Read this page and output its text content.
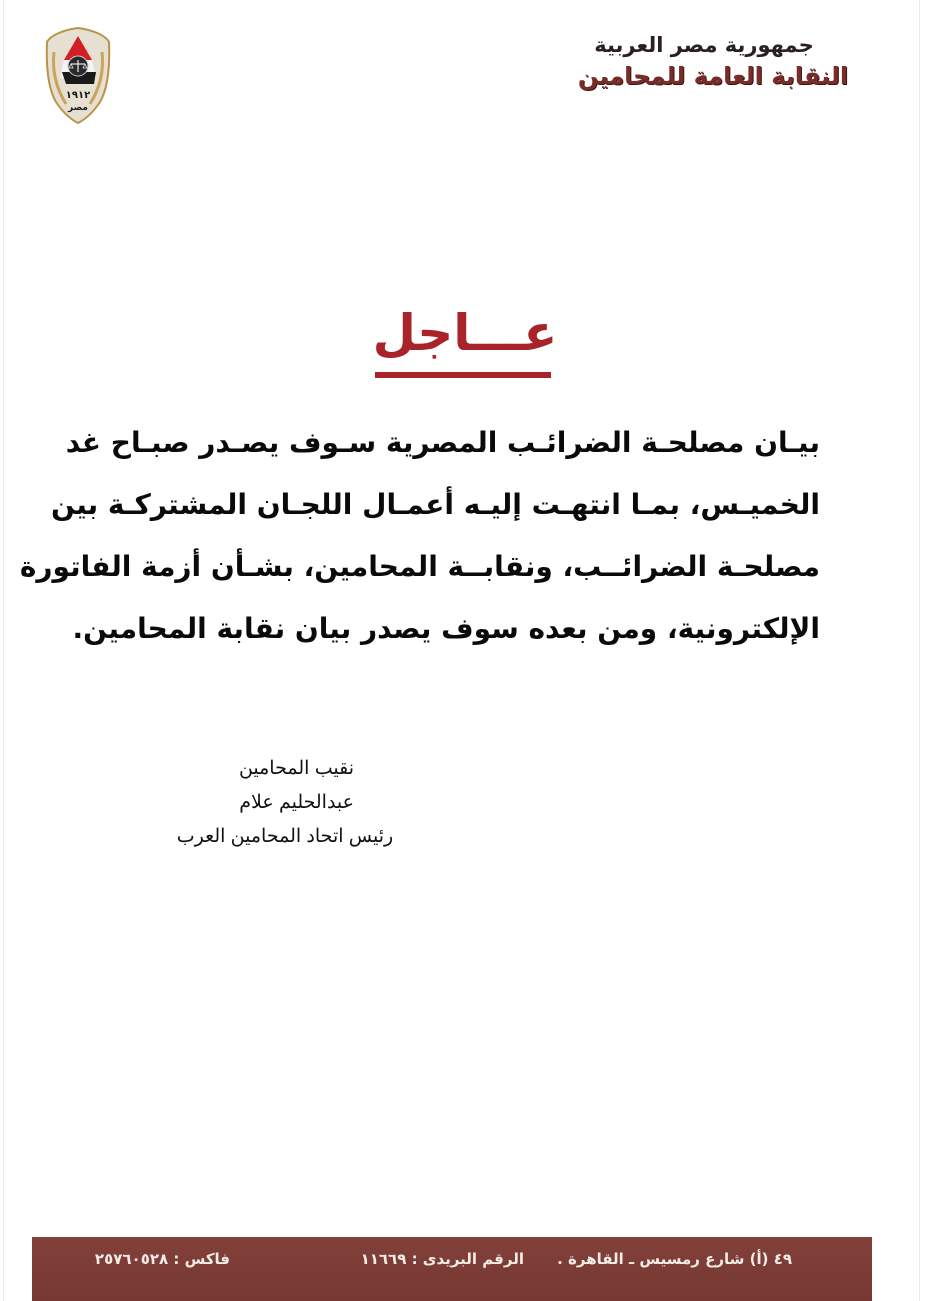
١٩١٢
مصر
جمهورية مصر العربية
النقابة العامة للمحامين
عـــاجل
بيـان مصلحـة الضرائـب المصرية سـوف يصـدر صبـاح غد
الخميـس، بمـا انتهـت إليـه أعمـال اللجـان المشتركـة بين
مصلحـة الضرائــب، ونقابــة المحامين، بشـأن أزمة الفاتورة
الإلكترونية، ومن بعده سوف يصدر بيان نقابة المحامين.
نقيب المحامين
عبدالحليم علام
رئيس اتحاد المحامين العرب
٤٩ (أ) شارع رمسيس ـ القاهرة .
الرقم البريدى : ١١٦٦٩
فاكس : ٢٥٧٦٠٥٢٨
